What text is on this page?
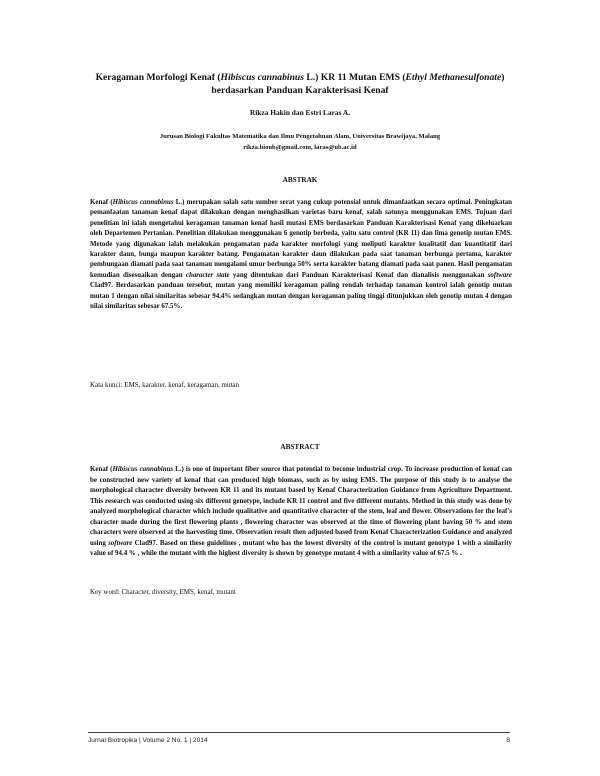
Keragaman Morfologi Kenaf (Hibiscus cannabinus L.) KR 11 Mutan EMS (Ethyl Methanesulfonate) berdasarkan Panduan Karakterisasi Kenaf
Rikza Hakin dan Estri Laras A.
Jurusan Biologi Fakultas Matematika dan Ilmu Pengetahuan Alam, Universitas Brawijaya, Malang
rikza.bionb@gmail.com, laras@ub.ac.id
ABSTRAK
Kenaf (Hibiscus cannabinus L.) merupakan salah satu sumber serat yang cukup potensial untuk dimanfaatkan secara optimal. Peningkatan pemanfaatan tanaman kenaf dapat dilakukan dengan menghasilkan varietas baru kenaf, salah satunya menggunakan EMS. Tujuan dari penelitian ini ialah mengetahui keragaman tanaman kenaf hasil mutasi EMS berdasarkan Panduan Karakterisasi Kenaf yang dikeluarkan oleh Departemen Pertanian. Penelitian dilakukan menggunakan 6 genotip berbeda, yaitu satu control (KR 11) dan lima genotip mutan EMS. Metode yang digunakan ialah melakukan pengamatan pada karakter morfologi yang meliputi karakter kualitatif dan kuantitatif dari karakter daun, bunga maupun karakter batang. Pengamatan karakter daun dilakukan pada saat tanaman berbunga pertama, karakter pembungaan diamati pada saat tanaman mengalami umur berbunga 50% serta karakter batang diamati pada saat panen. Hasil pengamatan kemudian disesuaikan dengan character state yang ditentukan dari Panduan Karakterisasi Kenaf dan dianalisis menggunakan software Clad97. Berdasarkan panduan tersebut, mutan yang memiliki keragaman paling rendah terhadap tanaman kontrol ialah genotip mutan mutan 1 dengan nilai similaritas sebesar 94.4% sedangkan mutan dengan keragaman paling tinggi ditunjukkan oleh genotip mutan 4 dengan nilai similaritas sebesar 67.5%.
Kata kunci: EMS, karakter, kenaf, keragaman, mutan
ABSTRACT
Kenaf (Hibiscus cannabinus L.) is one of important fiber source that potential to become industrial crop. To increase production of kenaf can be constructed new variety of kenaf that can produced high biomass, such as by using EMS. The purpose of this study is to analyse the morphological character diversity between KR 11 and its mutant based by Kenaf Characterization Guidance from Agriculture Department. This research was conducted using six different genotype, include KR 11 control and five different mutants. Method in this study was done by analyzed morphological character which include qualitative and quantitative character of the stem, leaf and flower. Observations for the leaf's character made during the first flowering plants , flowering character was observed at the time of flowering plant having 50 % and stem characters were observed at the harvesting time. Observation result then adjusted based from Kenaf Characterization Guidance and analyzed using software Clad97. Based on these guidelines , mutant who has the lowest diversity of the control is mutant genotype 1 with a similarity value of 94.4 % , while the mutant with the highest diversity is shown by genotype mutant 4 with a similarity value of 67.5 % .
Key word: Character, diversity, EMS, kenaf, mutant
Jurnal Biotropika | Volume 2 No. 1 | 2014	8
